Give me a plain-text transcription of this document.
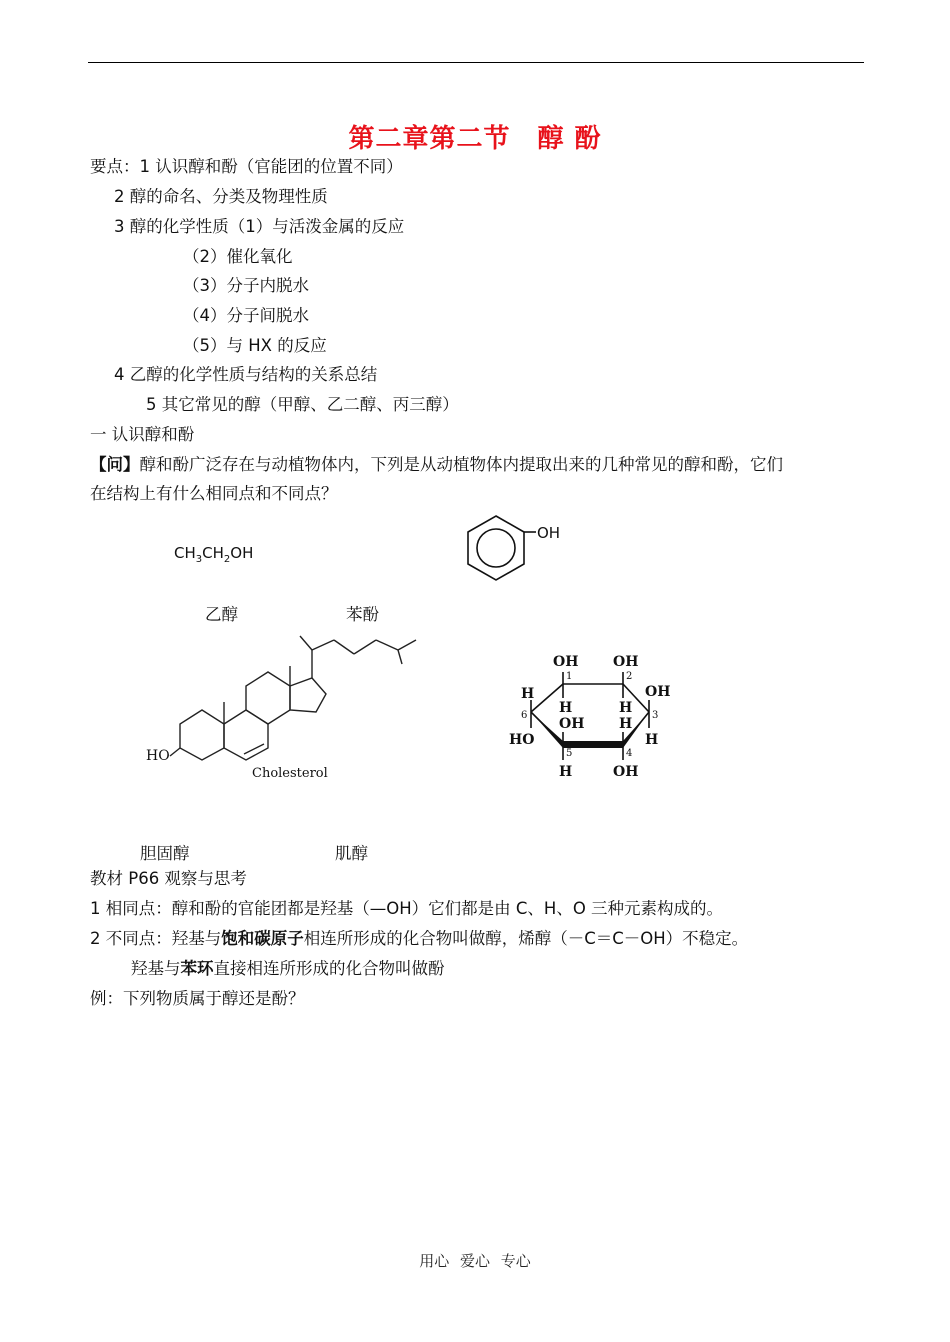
第二章第二节　醇 酚
要点：1 认识醇和酚（官能团的位置不同）
2 醇的命名、分类及物理性质
3 醇的化学性质（1）与活泼金属的反应
（2）催化氧化
（3）分子内脱水
（4）分子间脱水
（5）与 HX 的反应
4 乙醇的化学性质与结构的关系总结
5 其它常见的醇（甲醇、乙二醇、丙三醇）
一 认识醇和酚
【问】醇和酚广泛存在与动植物体内，下列是从动植物体内提取出来的几种常见的醇和酚，它们
在结构上有什么相同点和不同点？
$CH_3CH_2OH$
OH
乙醇	苯酚
HO
Cholesterol
OH OH
OH
H
H	H
OH H
H
HO
H	OH
1	2
3
4
5
6
胆固醇	肌醇
教材 P66 观察与思考
1 相同点：醇和酚的官能团都是羟基（—OH）它们都是由 C、H、O 三种元素构成的。
2 不同点：羟基与饱和碳原子相连所形成的化合物叫做醇，烯醇（－C＝C－OH）不稳定。
羟基与苯环直接相连所形成的化合物叫做酚
例：下列物质属于醇还是酚？
用心 爱心 专心
